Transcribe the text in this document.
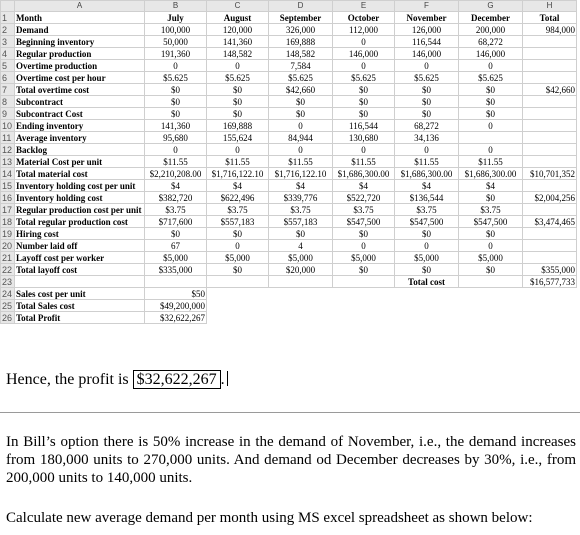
	A	B	C	D	E	F	G	H
1	Month	July	August	September	October	November	December	Total
2	Demand	100,000	120,000	326,000	112,000	126,000	200,000	984,000
3	Beginning inventory	50,000	141,360	169,888	0	116,544	68,272	
4	Regular production	191,360	148,582	148,582	146,000	146,000	146,000	
5	Overtime production	0	0	7,584	0	0	0	
6	Overtime cost per hour	$5.625	$5.625	$5.625	$5.625	$5.625	$5.625	
7	Total overtime cost	$0	$0	$42,660	$0	$0	$0	$42,660
8	Subcontract	$0	$0	$0	$0	$0	$0	
9	Subcontract Cost	$0	$0	$0	$0	$0	$0	
10	Ending inventory	141,360	169,888	0	116,544	68,272	0	
11	Average inventory	95,680	155,624	84,944	130,680	34,136		
12	Backlog	0	0	0	0	0	0	
13	Material Cost per unit	$11.55	$11.55	$11.55	$11.55	$11.55	$11.55	
14	Total material cost	$2,210,208.00	$1,716,122.10	$1,716,122.10	$1,686,300.00	$1,686,300.00	$1,686,300.00	$10,701,352
15	Inventory holding cost per unit	$4	$4	$4	$4	$4	$4	
16	Inventory holding cost	$382,720	$622,496	$339,776	$522,720	$136,544	$0	$2,004,256
17	Regular production cost per unit	$3.75	$3.75	$3.75	$3.75	$3.75	$3.75	
18	Total regular production cost	$717,600	$557,183	$557,183	$547,500	$547,500	$547,500	$3,474,465
19	Hiring cost	$0	$0	$0	$0	$0	$0	
20	Number laid off	67	0	4	0	0	0	
21	Layoff cost per worker	$5,000	$5,000	$5,000	$5,000	$5,000	$5,000	
22	Total layoff cost	$335,000	$0	$20,000	$0	$0	$0	$355,000
23						Total cost		$16,577,733
24	Sales cost per unit	$50						
25	Total Sales cost	$49,200,000						
26	Total Profit	$32,622,267						
Hence, the profit is $32,622,267 .
In Bill’s option there is 50% increase in the demand of November, i.e., the demand increases from 180,000 units to 270,000 units. And demand od December decreases by 30%, i.e., from 200,000 units to 140,000 units.
Calculate new average demand per month using MS excel spreadsheet as shown below:
